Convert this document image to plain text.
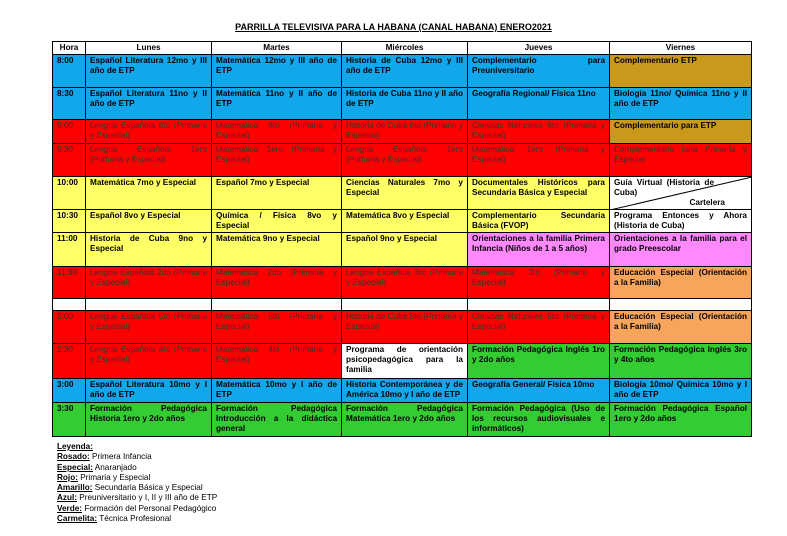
PARRILLA TELEVISIVA PARA LA HABANA (CANAL HABANA) ENERO2021
Hora	Lunes	Martes	Miércoles	Jueves	Viernes
8:00	Español Literatura 12mo y III año de ETP	Matemática 12mo y III año de ETP	Historia de Cuba 12mo y III año de ETP	Complementario para Preuniversitario	Complementario ETP
8:30	Español Literatura 11no y II año de ETP	Matemática 11no y II año de ETP	Historia de Cuba 11no y II año de ETP	Geografía Regional/ Física 11no	Biología 11no/ Química 11no y II año de ETP
9:00	Lengua Española 6to (Primaria y Especial)	Matemática 6to (Primaria y Especial)	Historia de Cuba 6to (Primaria y Especial)	Ciencias Naturales 6to (Primaria y Especial)	Complementario para ETP
9:30	Lengua Española 1ero (Primaria y Especial)	Matemática 1ero (Primaria y Especial)	Lengua Española 1ero (Primaria y Especial)	Matemática 1ero (Primaria y Especial)	Complementario para Primaria y Especial
10:00	Matemática 7mo y Especial	Español 7mo y Especial	Ciencias Naturales 7mo y Especial	Documentales Históricos para Secundaria Básica y Especial	Guía Virtual (Historia de Cuba)
Cartelera

10:30	Español 8vo y Especial	Química / Física 8vo y Especial	Matemática 8vo y Especial	Complementario Secundaria Básica (FVOP)	Programa Entonces y Ahora (Historia de Cuba)
11:00	Historia de Cuba 9no y Especial	Matemática 9no y Especial	Español 9no y Especial	Orientaciones a la familia Primera Infancia (Niños de 1 a 5 años)	Orientaciones a la familia para el grado Preescolar
11:30	Lengua Española 2do (Primaria y Especial)	Matemática 2do (Primaria y Especial)	Lengua Española 3ro (Primaria y Especial)	Matemática 3ro (Primaria y Especial)	Educación Especial (Orientación a la Familia)

2:00	Lengua Española 5to (Primaria y Especial)	Matemática 5to (Primaria y Especial)	Historia de Cuba 5to (Primaria y Especial)	Ciencias Naturales 5to (Primaria y Especial)	Educación Especial (Orientación a la Familia)
2:30	Lengua Española 4to (Primaria y Especial)	Matemática 4to (Primaria y Especial)	Programa de orientación psicopedagógica para la familia	Formación Pedagógica Inglés 1ro y 2do años	Formación Pedagógica Inglés 3ro y 4to años
3:00	Español Literatura 10mo y I año de ETP	Matemática 10mo y I año de ETP	Historia Contemporánea y de América 10mo y I año de ETP	Geografía General/ Física 10mo	Biología 10mo/ Química 10mo y I año de ETP
3:30	Formación Pedagógica Historia 1ero y 2do años	Formación Pedagógica Introducción a la didáctica general	Formación Pedagógica Matemática 1ero y 2do años	Formación Pedagógica (Uso de los recursos audiovisuales e informáticos)	Formación Pedagógica Español 1ero y 2do años
Leyenda:
Rosado: Primera Infancia
Especial: Anaranjado
Rojo: Primaria y Especial
Amarillo: Secundaria Básica y Especial
Azul: Preuniversitario y I, II y III año de ETP
Verde: Formación del Personal Pedagógico
Carmelita: Técnica Profesional
